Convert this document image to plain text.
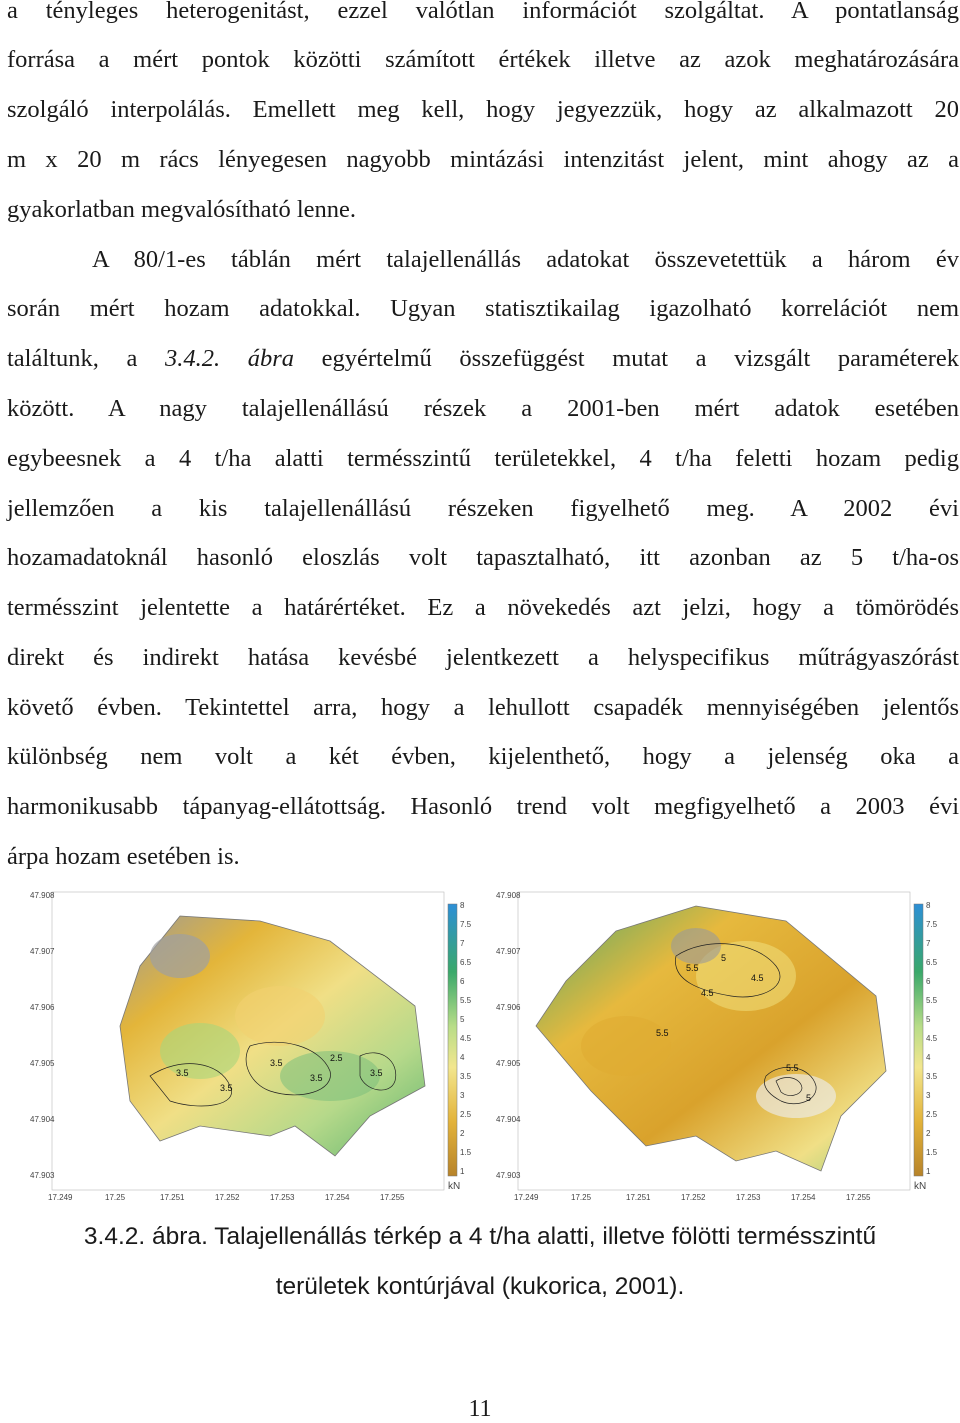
a tényleges heterogenitást, ezzel valótlan információt szolgáltat. A pontatlanság
forrása a mért pontok közötti számított értékek illetve az azok meghatározására
szolgáló interpolálás. Emellett meg kell, hogy jegyezzük, hogy az alkalmazott 20
m x 20 m rács lényegesen nagyobb mintázási intenzitást jelent, mint ahogy az a
gyakorlatban megvalósítható lenne.
A 80/1-es táblán mért talajellenállás adatokat összevetettük a három év
során mért hozam adatokkal. Ugyan statisztikailag igazolható korrelációt nem
találtunk, a 3.4.2. ábra egyértelmű összefüggést mutat a vizsgált paraméterek
között. A nagy talajellenállású részek a 2001-ben mért adatok esetében
egybeesnek a 4 t/ha alatti termésszintű területekkel, 4 t/ha feletti hozam pedig
jellemzően a kis talajellenállású részeken figyelhető meg. A 2002 évi
hozamadatoknál hasonló eloszlás volt tapasztalható, itt azonban az 5 t/ha-os
termésszint jelentette a határértéket. Ez a növekedés azt jelzi, hogy a tömörödés
direkt és indirekt hatása kevésbé jelentkezett a helyspecifikus műtrágyaszórást
követő évben. Tekintettel arra, hogy a lehullott csapadék mennyiségében jelentős
különbség nem volt a két évben, kijelenthető, hogy a jelenség oka a
harmonikusabb tápanyag-ellátottság. Hasonló trend volt megfigyelhető a 2003 évi
árpa hozam esetében is.
3.5
3.5
3.5
3.5
2.5
3.5
47.908
47.907
47.906
47.905
47.904
47.903
17.249	17.25	17.251	17.252	17.253	17.254	17.255
8
7.5
7
6.5
6
5.5
5
4.5
4
3.5
3
2.5
2
1.5
1
kN
5.5
5
4.5
4.5
5.5
5
5.5
47.908
47.907
47.906
47.905
47.904
47.903
17.249	17.25	17.251	17.252	17.253	17.254	17.255
8
7.5
7
6.5
6
5.5
5
4.5
4
3.5
3
2.5
2
1.5
1
kN
3.4.2. ábra. Talajellenállás térkép a 4 t/ha alatti, illetve fölötti termésszintű
területek kontúrjával (kukorica, 2001).
11
